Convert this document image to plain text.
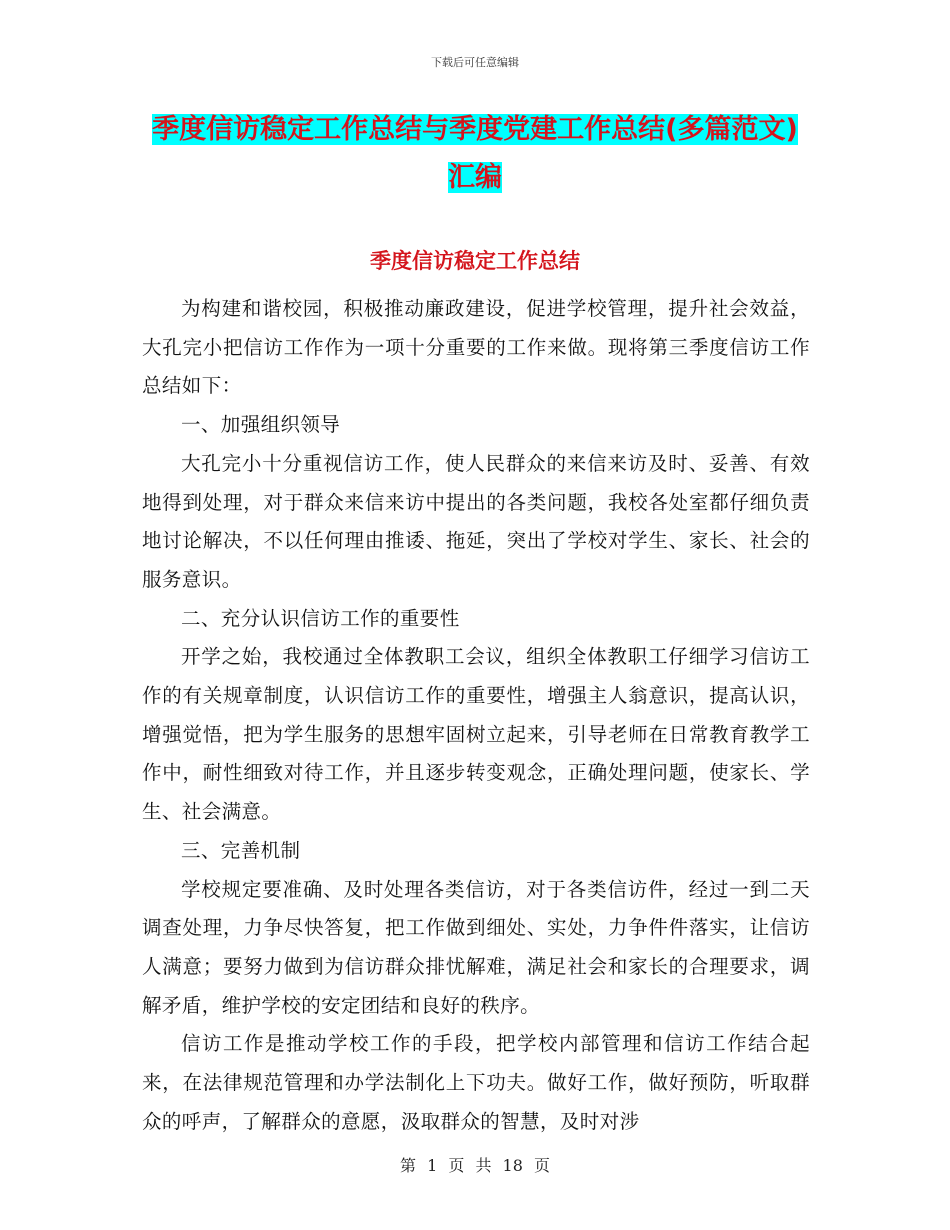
下载后可任意编辑
季度信访稳定工作总结与季度党建工作总结(多篇范文)汇编
季度信访稳定工作总结

为构建和谐校园，积极推动廉政建设，促进学校管理，提升社会效益，大孔完小把信访工作作为一项十分重要的工作来做。现将第三季度信访工作总结如下：

一、加强组织领导

大孔完小十分重视信访工作，使人民群众的来信来访及时、妥善、有效地得到处理，对于群众来信来访中提出的各类问题，我校各处室都仔细负责地讨论解决，不以任何理由推诿、拖延，突出了学校对学生、家长、社会的服务意识。

二、充分认识信访工作的重要性

开学之始，我校通过全体教职工会议，组织全体教职工仔细学习信访工作的有关规章制度，认识信访工作的重要性，增强主人翁意识，提高认识，增强觉悟，把为学生服务的思想牢固树立起来，引导老师在日常教育教学工作中，耐性细致对待工作，并且逐步转变观念，正确处理问题，使家长、学生、社会满意。

三、完善机制

学校规定要准确、及时处理各类信访，对于各类信访件，经过一到二天调查处理，力争尽快答复，把工作做到细处、实处，力争件件落实，让信访人满意；要努力做到为信访群众排忧解难，满足社会和家长的合理要求，调解矛盾，维护学校的安定团结和良好的秩序。

信访工作是推动学校工作的手段，把学校内部管理和信访工作结合起来，在法律规范管理和办学法制化上下功夫。做好工作，做好预防，听取群众的呼声，了解群众的意愿，汲取群众的智慧，及时对涉

第 1 页 共 18 页
